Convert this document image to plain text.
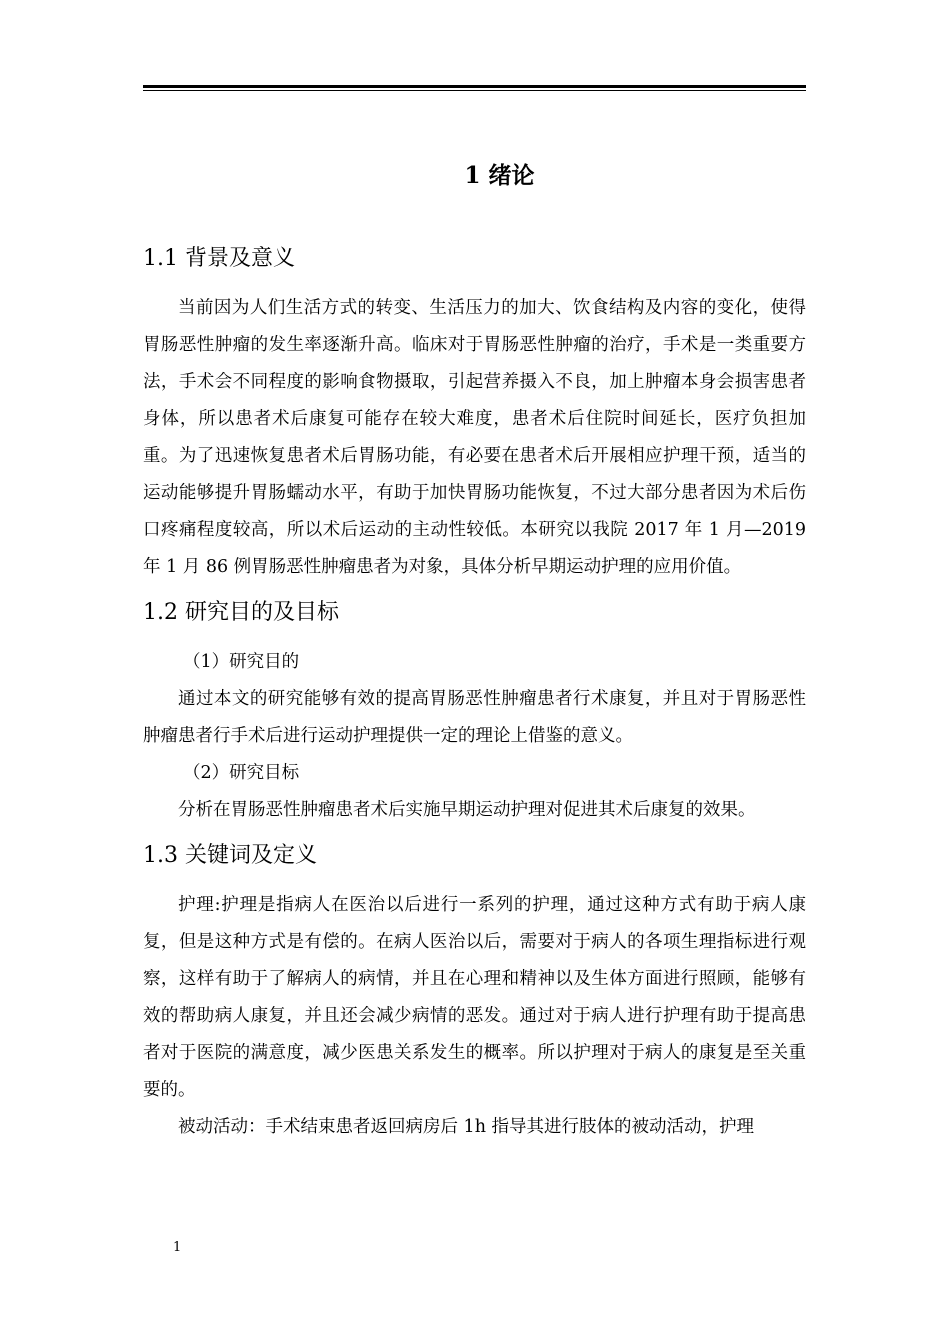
1 绪论
1.1 背景及意义

当前因为人们生活方式的转变、生活压力的加大、饮食结构及内容的变化，使得胃肠恶性肿瘤的发生率逐渐升高。临床对于胃肠恶性肿瘤的治疗，手术是一类重要方法，手术会不同程度的影响食物摄取，引起营养摄入不良，加上肿瘤本身会损害患者身体，所以患者术后康复可能存在较大难度，患者术后住院时间延长，医疗负担加重。为了迅速恢复患者术后胃肠功能，有必要在患者术后开展相应护理干预，适当的运动能够提升胃肠蠕动水平，有助于加快胃肠功能恢复，不过大部分患者因为术后伤口疼痛程度较高，所以术后运动的主动性较低。本研究以我院 2017 年 1 月—2019 年 1 月 86 例胃肠恶性肿瘤患者为对象，具体分析早期运动护理的应用价值。

1.2 研究目的及目标

（1）研究目的

通过本文的研究能够有效的提高胃肠恶性肿瘤患者行术康复，并且对于胃肠恶性肿瘤患者行手术后进行运动护理提供一定的理论上借鉴的意义。

（2）研究目标

分析在胃肠恶性肿瘤患者术后实施早期运动护理对促进其术后康复的效果。

1.3 关键词及定义

护理:护理是指病人在医治以后进行一系列的护理，通过这种方式有助于病人康复，但是这种方式是有偿的。在病人医治以后，需要对于病人的各项生理指标进行观察，这样有助于了解病人的病情，并且在心理和精神以及生体方面进行照顾，能够有效的帮助病人康复，并且还会减少病情的恶发。通过对于病人进行护理有助于提高患者对于医院的满意度，减少医患关系发生的概率。所以护理对于病人的康复是至关重要的。

被动活动：手术结束患者返回病房后 1h 指导其进行肢体的被动活动，护理

1
